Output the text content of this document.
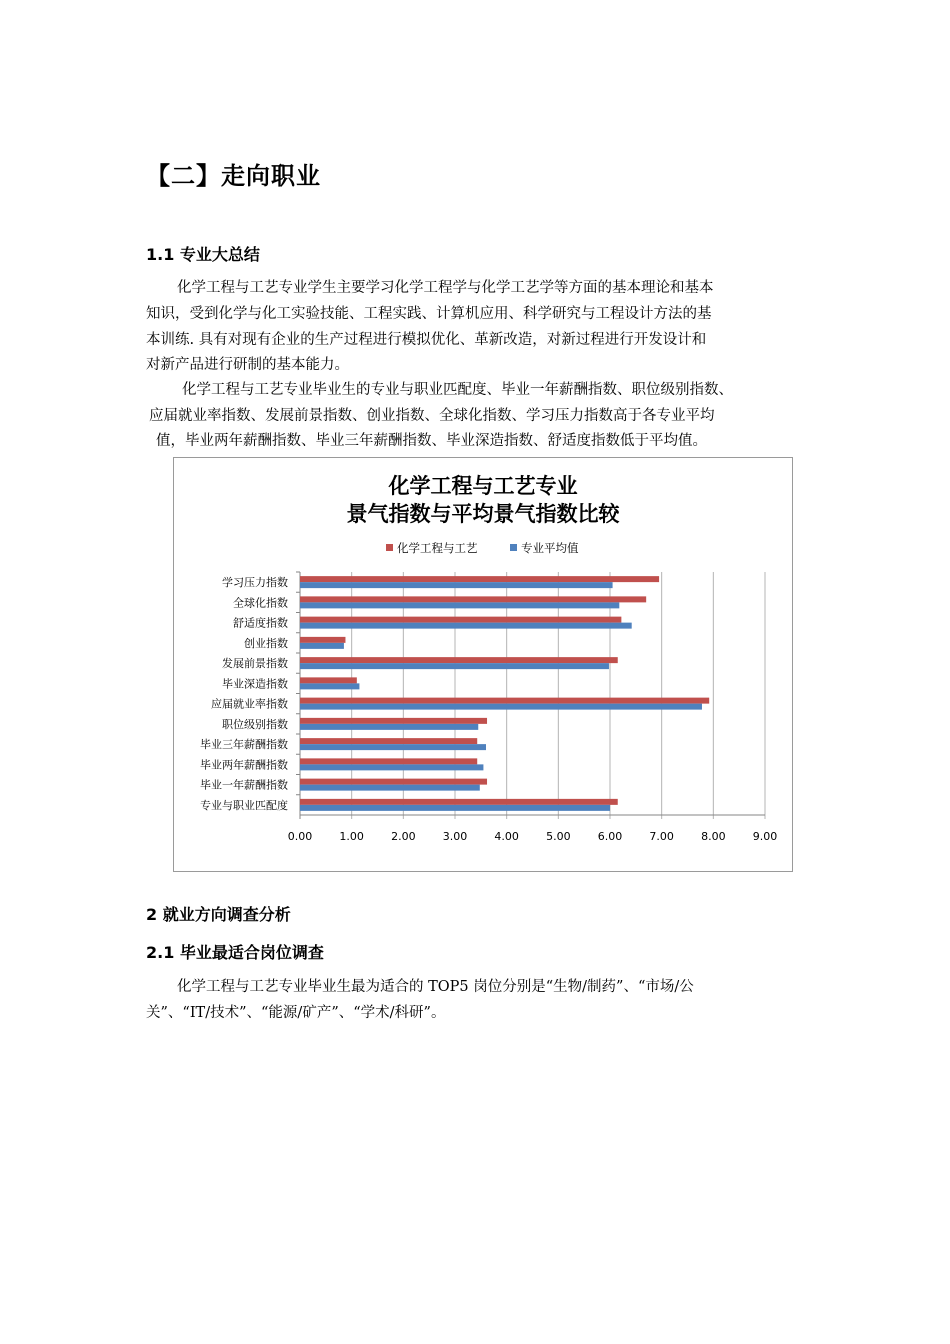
【二】走向职业
1.1 专业大总结
化学工程与工艺专业学生主要学习化学工程学与化学工艺学等方面的基本理论和基本
知识，受到化学与化工实验技能、工程实践、计算机应用、科学研究与工程设计方法的基
本训练. 具有对现有企业的生产过程进行模拟优化、革新改造，对新过程进行开发设计和
对新产品进行研制的基本能力。
化学工程与工艺专业毕业生的专业与职业匹配度、毕业一年薪酬指数、职位级别指数、
应届就业率指数、发展前景指数、创业指数、全球化指数、学习压力指数高于各专业平均
值，毕业两年薪酬指数、毕业三年薪酬指数、毕业深造指数、舒适度指数低于平均值。
化学工程与工艺专业
景气指数与平均景气指数比较
化学工程与工艺	专业平均值
0.00 1.00 2.00 3.00 4.00 5.00 6.00 7.00 8.00 9.00
学习压力指数
全球化指数
舒适度指数
创业指数
发展前景指数
毕业深造指数
应届就业率指数
职位级别指数
毕业三年薪酬指数
毕业两年薪酬指数
毕业一年薪酬指数
专业与职业匹配度
2 就业方向调查分析
2.1 毕业最适合岗位调查
化学工程与工艺专业毕业生最为适合的 TOP5 岗位分别是“生物/制药”、“市场/公
关”、“IT/技术”、“能源/矿产”、“学术/科研”。
